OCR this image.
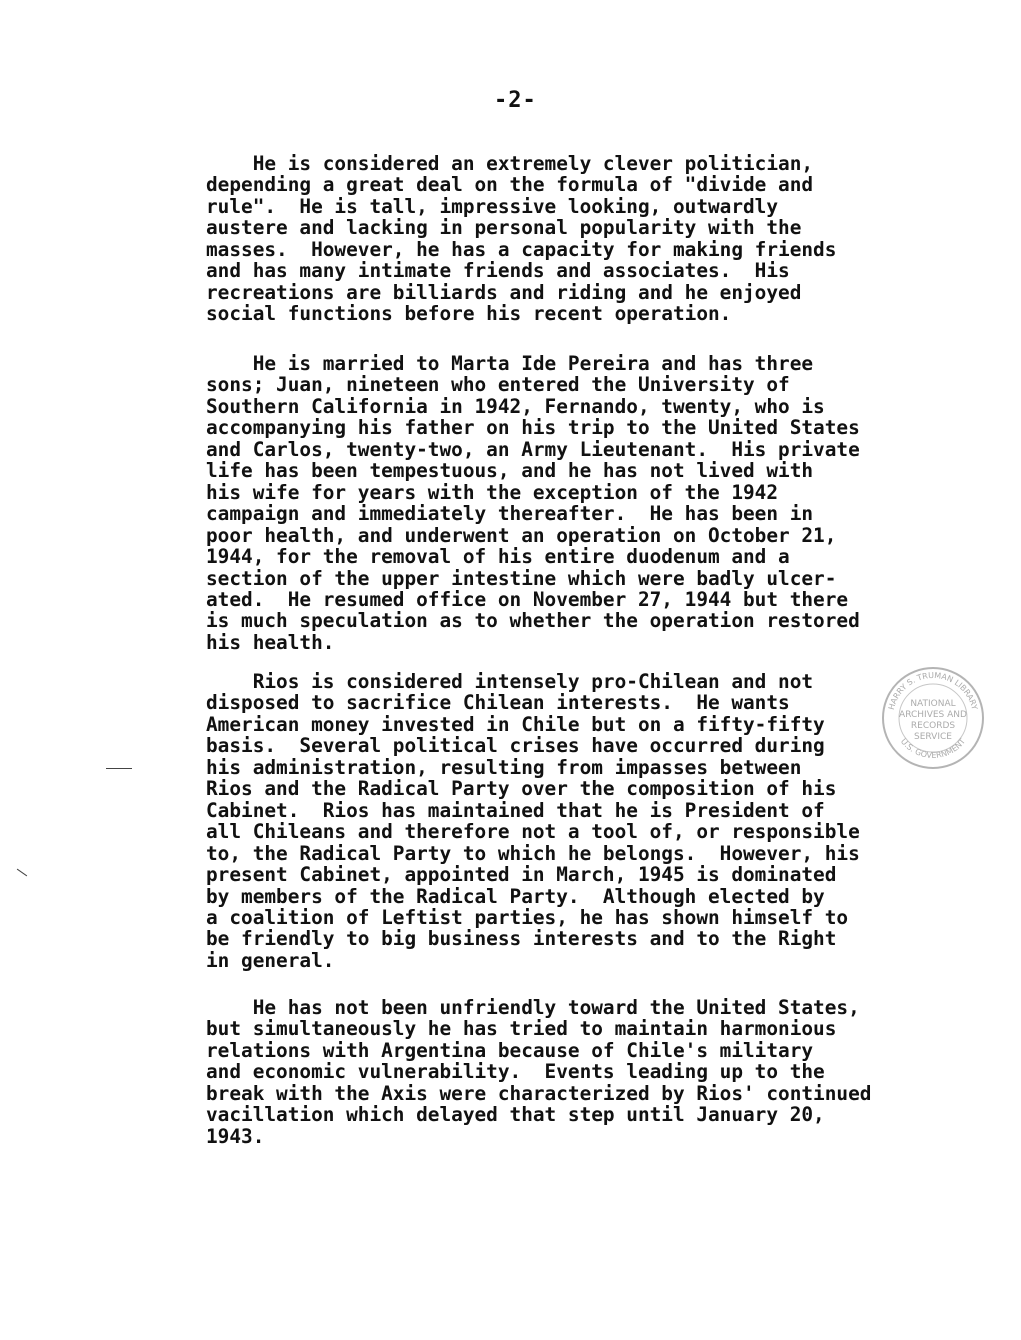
-2-
He is considered an extremely clever politician,
depending a great deal on the formula of "divide and
rule".  He is tall, impressive looking, outwardly
austere and lacking in personal popularity with the
masses.  However, he has a capacity for making friends
and has many intimate friends and associates.  His
recreations are billiards and riding and he enjoyed
social functions before his recent operation.
He is married to Marta Ide Pereira and has three
sons; Juan, nineteen who entered the University of
Southern California in 1942, Fernando, twenty, who is
accompanying his father on his trip to the United States
and Carlos, twenty-two, an Army Lieutenant.  His private
life has been tempestuous, and he has not lived with
his wife for years with the exception of the 1942
campaign and immediately thereafter.  He has been in
poor health, and underwent an operation on October 21,
1944, for the removal of his entire duodenum and a
section of the upper intestine which were badly ulcer-
ated.  He resumed office on November 27, 1944 but there
is much speculation as to whether the operation restored
his health.
Rios is considered intensely pro-Chilean and not
disposed to sacrifice Chilean interests.  He wants
American money invested in Chile but on a fifty-fifty
basis.  Several political crises have occurred during
his administration, resulting from impasses between
Rios and the Radical Party over the composition of his
Cabinet.  Rios has maintained that he is President of
all Chileans and therefore not a tool of, or responsible
to, the Radical Party to which he belongs.  However, his
present Cabinet, appointed in March, 1945 is dominated
by members of the Radical Party.  Although elected by
a coalition of Leftist parties, he has shown himself to
be friendly to big business interests and to the Right
in general.
He has not been unfriendly toward the United States,
but simultaneously he has tried to maintain harmonious
relations with Argentina because of Chile's military
and economic vulnerability.  Events leading up to the
break with the Axis were characterized by Rios' continued
vacillation which delayed that step until January 20,
1943.
NATIONAL
ARCHIVES AND
RECORDS
SERVICE
HARRY S. TRUMAN LIBRARY
U.S. GOVERNMENT
